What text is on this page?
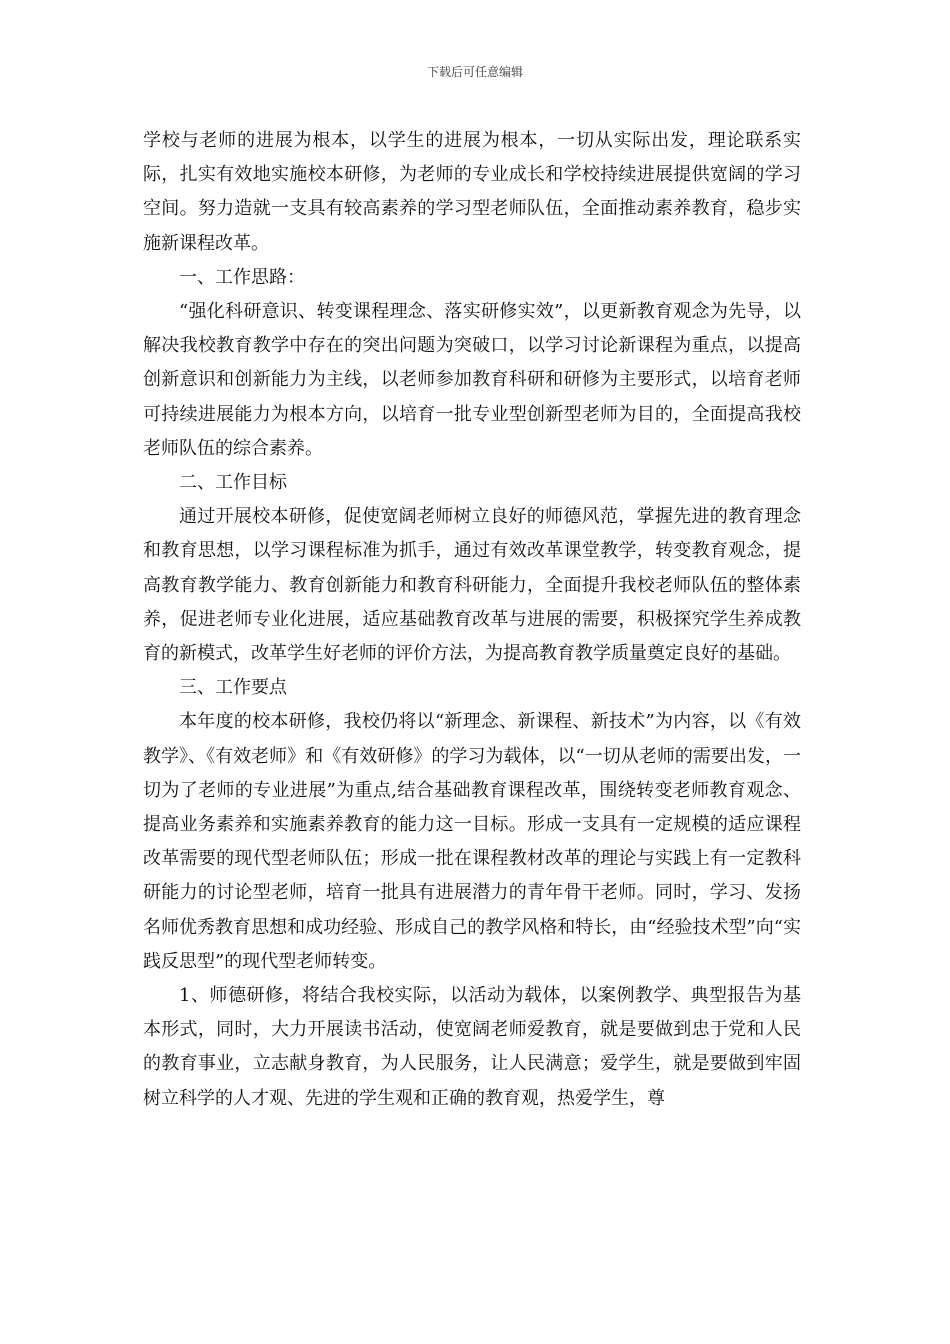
下载后可任意编辑

学校与老师的进展为根本，以学生的进展为根本，一切从实际出发，理论联系实际，扎实有效地实施校本研修，为老师的专业成长和学校持续进展提供宽阔的学习空间。努力造就一支具有较高素养的学习型老师队伍，全面推动素养教育，稳步实施新课程改革。

一、工作思路：

“强化科研意识、转变课程理念、落实研修实效”，以更新教育观念为先导，以解决我校教育教学中存在的突出问题为突破口，以学习讨论新课程为重点，以提高创新意识和创新能力为主线，以老师参加教育科研和研修为主要形式，以培育老师可持续进展能力为根本方向，以培育一批专业型创新型老师为目的，全面提高我校老师队伍的综合素养。

二、工作目标

通过开展校本研修，促使宽阔老师树立良好的师德风范，掌握先进的教育理念和教育思想，以学习课程标准为抓手，通过有效改革课堂教学，转变教育观念，提高教育教学能力、教育创新能力和教育科研能力，全面提升我校老师队伍的整体素养，促进老师专业化进展，适应基础教育改革与进展的需要，积极探究学生养成教育的新模式，改革学生好老师的评价方法，为提高教育教学质量奠定良好的基础。

三、工作要点

本年度的校本研修，我校仍将以“新理念、新课程、新技术”为内容，以《有效教学》、《有效老师》和《有效研修》的学习为载体，以“一切从老师的需要出发，一切为了老师的专业进展”为重点,结合基础教育课程改革，围绕转变老师教育观念、提高业务素养和实施素养教育的能力这一目标。形成一支具有一定规模的适应课程改革需要的现代型老师队伍；形成一批在课程教材改革的理论与实践上有一定教科研能力的讨论型老师，培育一批具有进展潜力的青年骨干老师。同时，学习、发扬名师优秀教育思想和成功经验、形成自己的教学风格和特长，由“经验技术型”向“实践反思型”的现代型老师转变。

1、师德研修，将结合我校实际，以活动为载体，以案例教学、典型报告为基本形式，同时，大力开展读书活动，使宽阔老师爱教育，就是要做到忠于党和人民的教育事业，立志献身教育，为人民服务，让人民满意；爱学生，就是要做到牢固树立科学的人才观、先进的学生观和正确的教育观，热爱学生，尊
